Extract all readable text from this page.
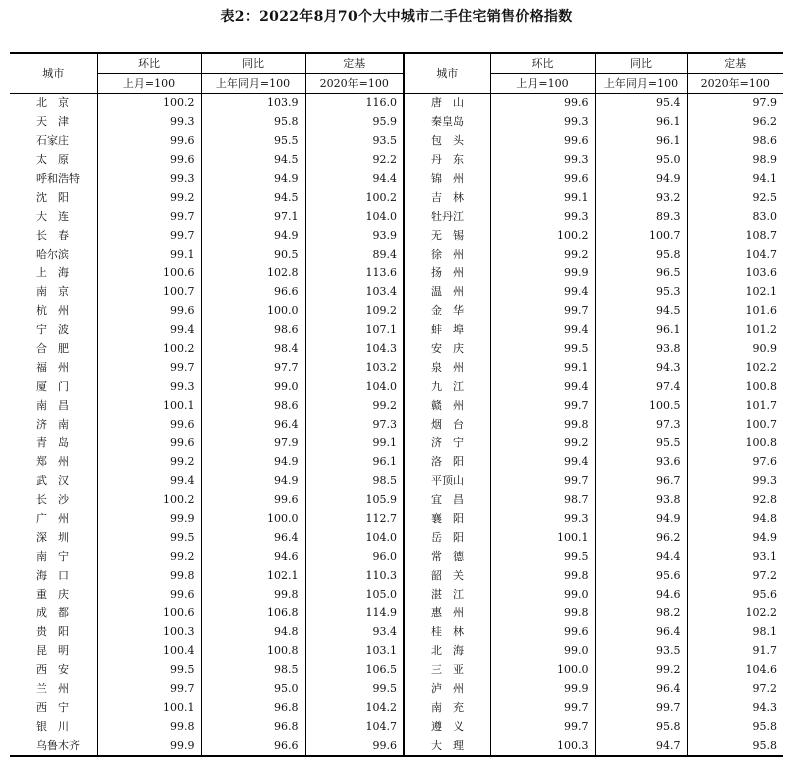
表2：2022年8月70个大中城市二手住宅销售价格指数
城市	环比	同比	定基	城市	环比	同比	定基
	上月=100	上年同月=100	2020年=100		上月=100	上年同月=100	2020年=100
北　京	100.2	103.9	116.0	唐　山	99.6	95.4	97.9
天　津	99.3	95.8	95.9	秦皇岛	99.3	96.1	96.2
石家庄	99.6	95.5	93.5	包　头	99.6	96.1	98.6
太　原	99.6	94.5	92.2	丹　东	99.3	95.0	98.9
呼和浩特	99.3	94.9	94.4	锦　州	99.6	94.9	94.1
沈　阳	99.2	94.5	100.2	吉　林	99.1	93.2	92.5
大　连	99.7	97.1	104.0	牡丹江	99.3	89.3	83.0
长　春	99.7	94.9	93.9	无　锡	100.2	100.7	108.7
哈尔滨	99.1	90.5	89.4	徐　州	99.2	95.8	104.7
上　海	100.6	102.8	113.6	扬　州	99.9	96.5	103.6
南　京	100.7	96.6	103.4	温　州	99.4	95.3	102.1
杭　州	99.6	100.0	109.2	金　华	99.7	94.5	101.6
宁　波	99.4	98.6	107.1	蚌　埠	99.4	96.1	101.2
合　肥	100.2	98.4	104.3	安　庆	99.5	93.8	90.9
福　州	99.7	97.7	103.2	泉　州	99.1	94.3	102.2
厦　门	99.3	99.0	104.0	九　江	99.4	97.4	100.8
南　昌	100.1	98.6	99.2	赣　州	99.7	100.5	101.7
济　南	99.6	96.4	97.3	烟　台	99.8	97.3	100.7
青　岛	99.6	97.9	99.1	济　宁	99.2	95.5	100.8
郑　州	99.2	94.9	96.1	洛　阳	99.4	93.6	97.6
武　汉	99.4	94.9	98.5	平顶山	99.7	96.7	99.3
长　沙	100.2	99.6	105.9	宜　昌	98.7	93.8	92.8
广　州	99.9	100.0	112.7	襄　阳	99.3	94.9	94.8
深　圳	99.5	96.4	104.0	岳　阳	100.1	96.2	94.9
南　宁	99.2	94.6	96.0	常　德	99.5	94.4	93.1
海　口	99.8	102.1	110.3	韶　关	99.8	95.6	97.2
重　庆	99.6	99.8	105.0	湛　江	99.0	94.6	95.6
成　都	100.6	106.8	114.9	惠　州	99.8	98.2	102.2
贵　阳	100.3	94.8	93.4	桂　林	99.6	96.4	98.1
昆　明	100.4	100.8	103.1	北　海	99.0	93.5	91.7
西　安	99.5	98.5	106.5	三　亚	100.0	99.2	104.6
兰　州	99.7	95.0	99.5	泸　州	99.9	96.4	97.2
西　宁	100.1	96.8	104.2	南　充	99.7	99.7	94.3
银　川	99.8	96.8	104.7	遵　义	99.7	95.8	95.8
乌鲁木齐	99.9	96.6	99.6	大　理	100.3	94.7	95.8
